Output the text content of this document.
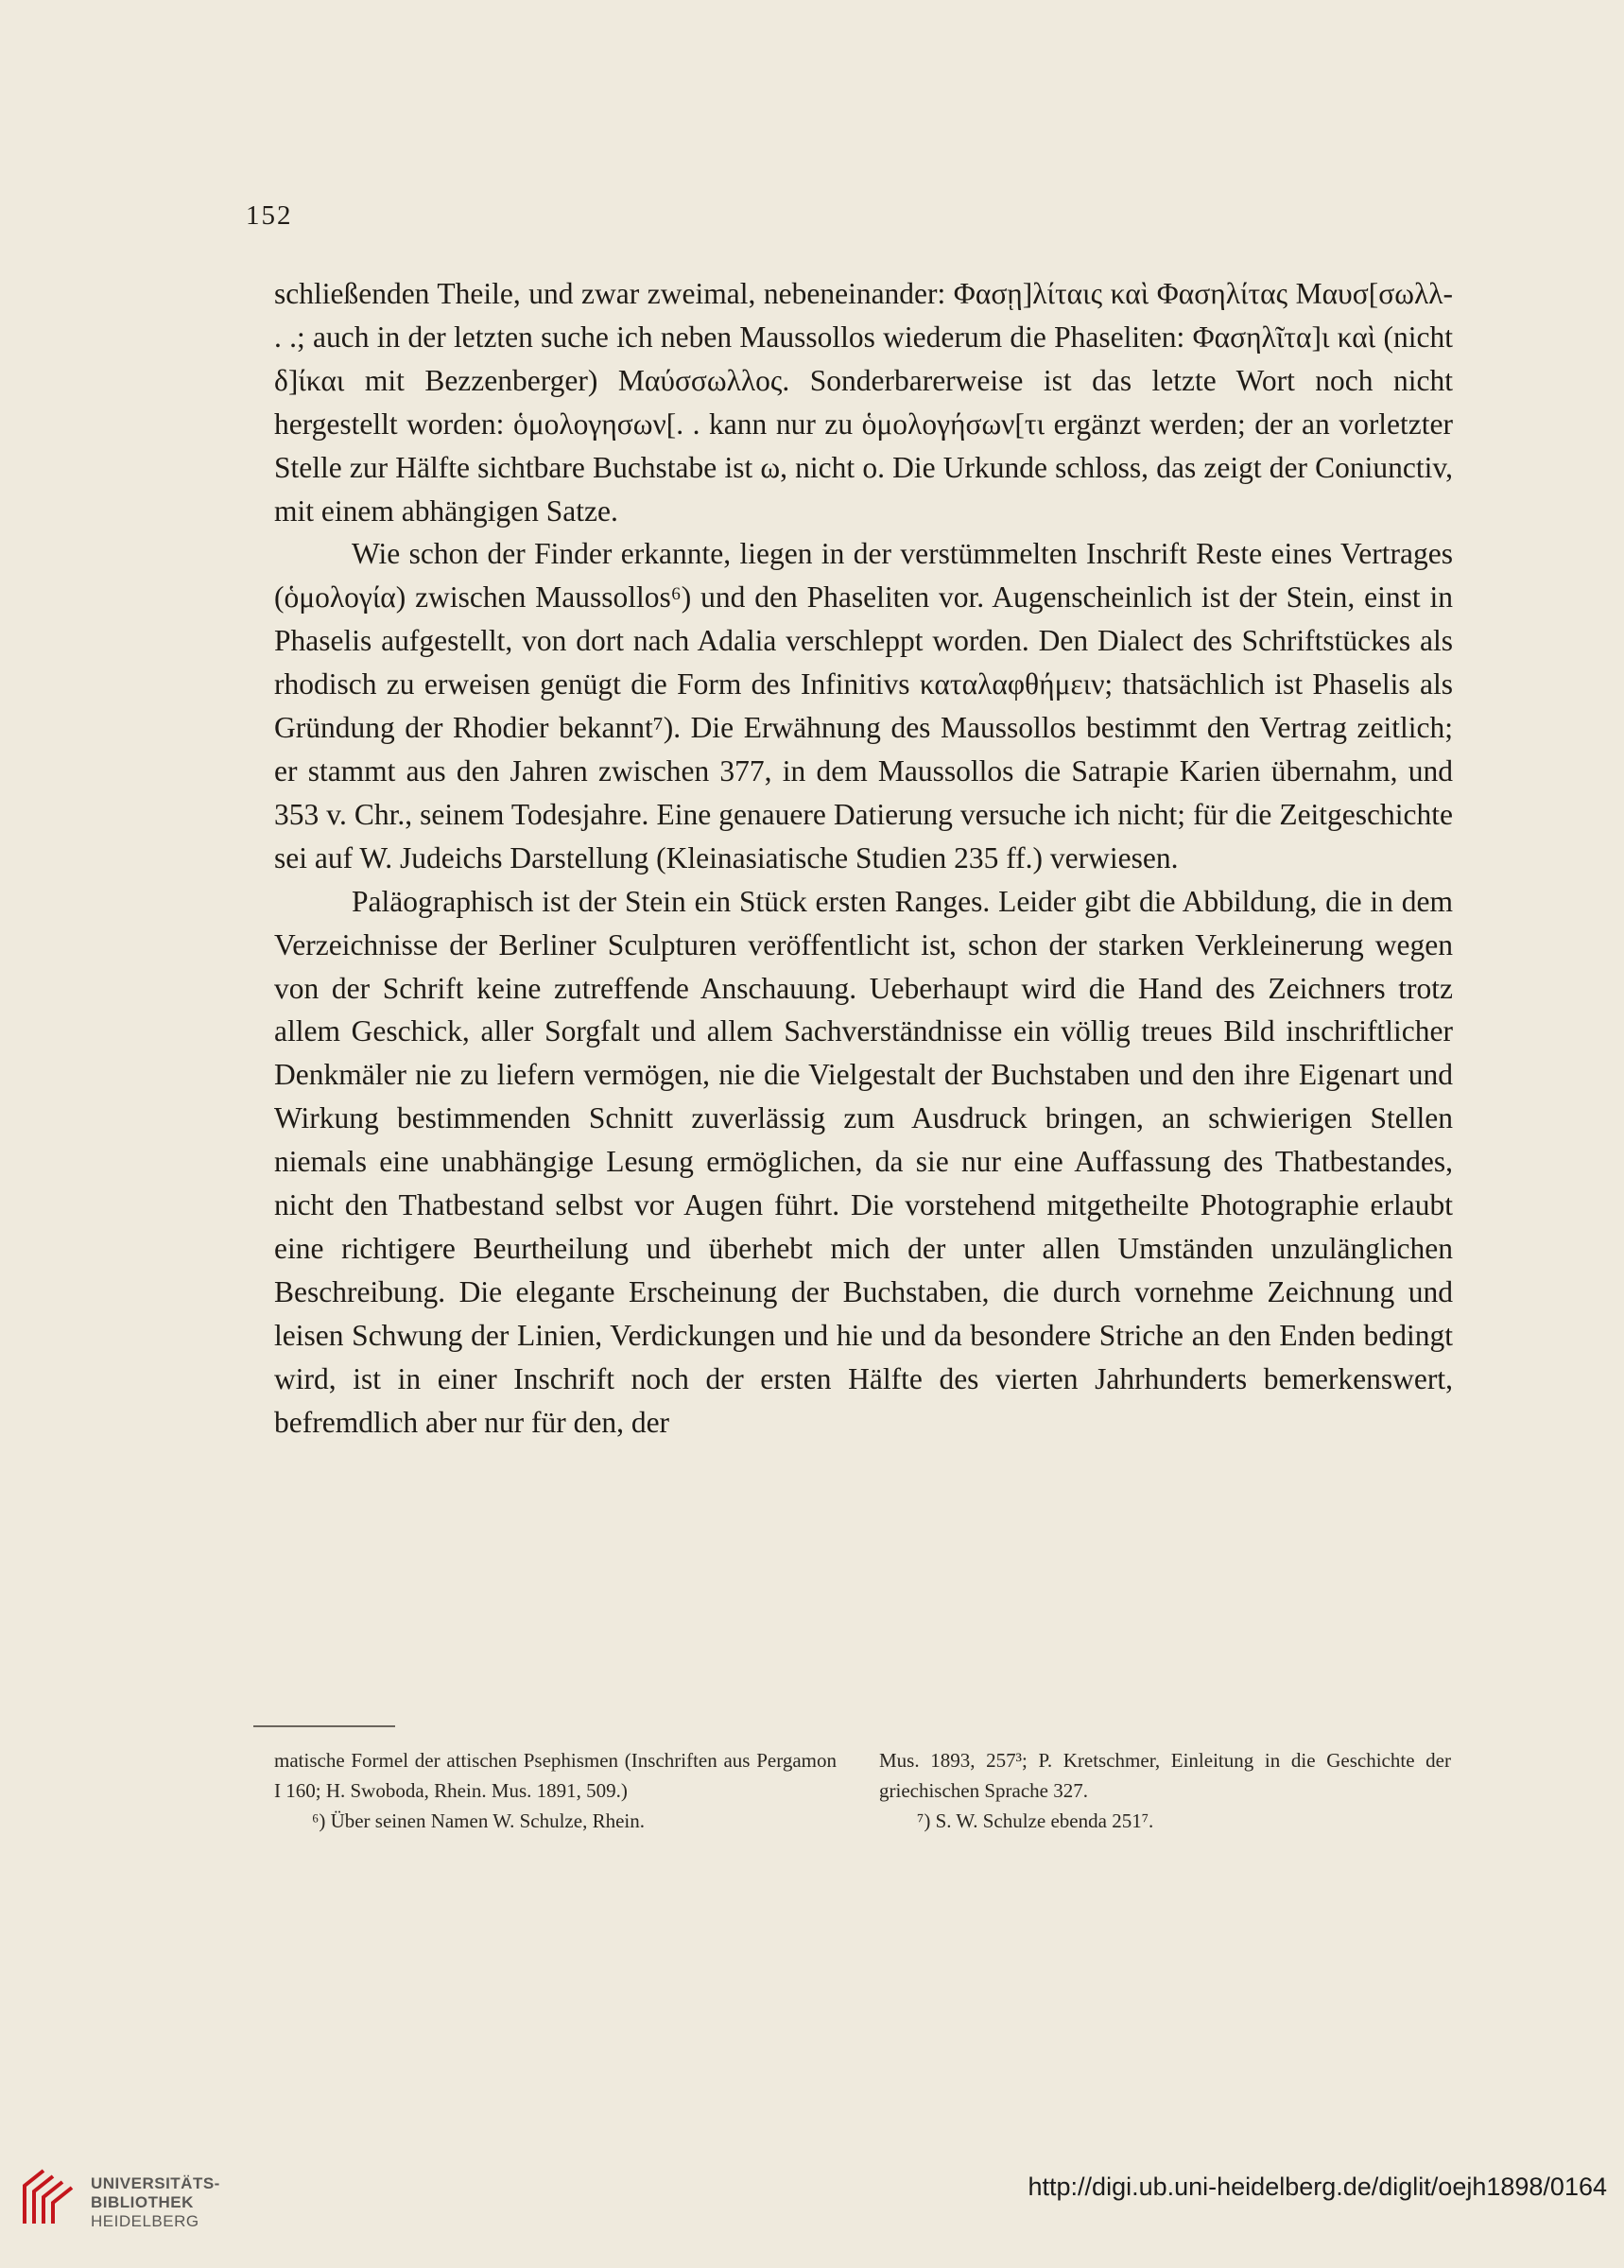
152

schließenden Theile, und zwar zweimal, nebeneinander: Φασῃ]λίταις καὶ Φασηλίτας Μαυσ[σωλλ- . .; auch in der letzten suche ich neben Maussollos wiederum die Phaseliten: Φασηλῖτα]ι καὶ (nicht δ]ίκαι mit Bezzenberger) Μαύσσωλλος. Sonderbarerweise ist das letzte Wort noch nicht hergestellt worden: ὁμολογησων[. . kann nur zu ὁμολογήσων[τι ergänzt werden; der an vorletzter Stelle zur Hälfte sichtbare Buchstabe ist ω, nicht ο. Die Urkunde schloss, das zeigt der Coniunctiv, mit einem abhängigen Satze.

Wie schon der Finder erkannte, liegen in der verstümmelten Inschrift Reste eines Vertrages (ὁμολογία) zwischen Maussollos⁶) und den Phaseliten vor. Augenscheinlich ist der Stein, einst in Phaselis aufgestellt, von dort nach Adalia verschleppt worden. Den Dialect des Schriftstückes als rhodisch zu erweisen genügt die Form des Infinitivs καταλαφθήμειν; thatsächlich ist Phaselis als Gründung der Rhodier bekannt⁷). Die Erwähnung des Maussollos bestimmt den Vertrag zeitlich; er stammt aus den Jahren zwischen 377, in dem Maussollos die Satrapie Karien übernahm, und 353 v. Chr., seinem Todesjahre. Eine genauere Datierung versuche ich nicht; für die Zeitgeschichte sei auf W. Judeichs Darstellung (Kleinasiatische Studien 235 ff.) verwiesen.

Paläographisch ist der Stein ein Stück ersten Ranges. Leider gibt die Abbildung, die in dem Verzeichnisse der Berliner Sculpturen veröffentlicht ist, schon der starken Verkleinerung wegen von der Schrift keine zutreffende Anschauung. Ueberhaupt wird die Hand des Zeichners trotz allem Geschick, aller Sorgfalt und allem Sachverständnisse ein völlig treues Bild inschriftlicher Denkmäler nie zu liefern vermögen, nie die Vielgestalt der Buchstaben und den ihre Eigenart und Wirkung bestimmenden Schnitt zuverlässig zum Ausdruck bringen, an schwierigen Stellen niemals eine unabhängige Lesung ermöglichen, da sie nur eine Auffassung des Thatbestandes, nicht den Thatbestand selbst vor Augen führt. Die vorstehend mitgetheilte Photographie erlaubt eine richtigere Beurtheilung und überhebt mich der unter allen Umständen unzulänglichen Beschreibung. Die elegante Erscheinung der Buchstaben, die durch vornehme Zeichnung und leisen Schwung der Linien, Verdickungen und hie und da besondere Striche an den Enden bedingt wird, ist in einer Inschrift noch der ersten Hälfte des vierten Jahrhunderts bemerkenswert, befremdlich aber nur für den, der

matische Formel der attischen Psephismen (Inschriften aus Pergamon I 160; H. Swoboda, Rhein. Mus. 1891, 509.)
⁶) Über seinen Namen W. Schulze, Rhein.
Mus. 1893, 257³; P. Kretschmer, Einleitung in die Geschichte der griechischen Sprache 327.
⁷) S. W. Schulze ebenda 251⁷.
UNIVERSITÄTS-
BIBLIOTHEK
HEIDELBERG
http://digi.ub.uni-heidelberg.de/diglit/oejh1898/0164
